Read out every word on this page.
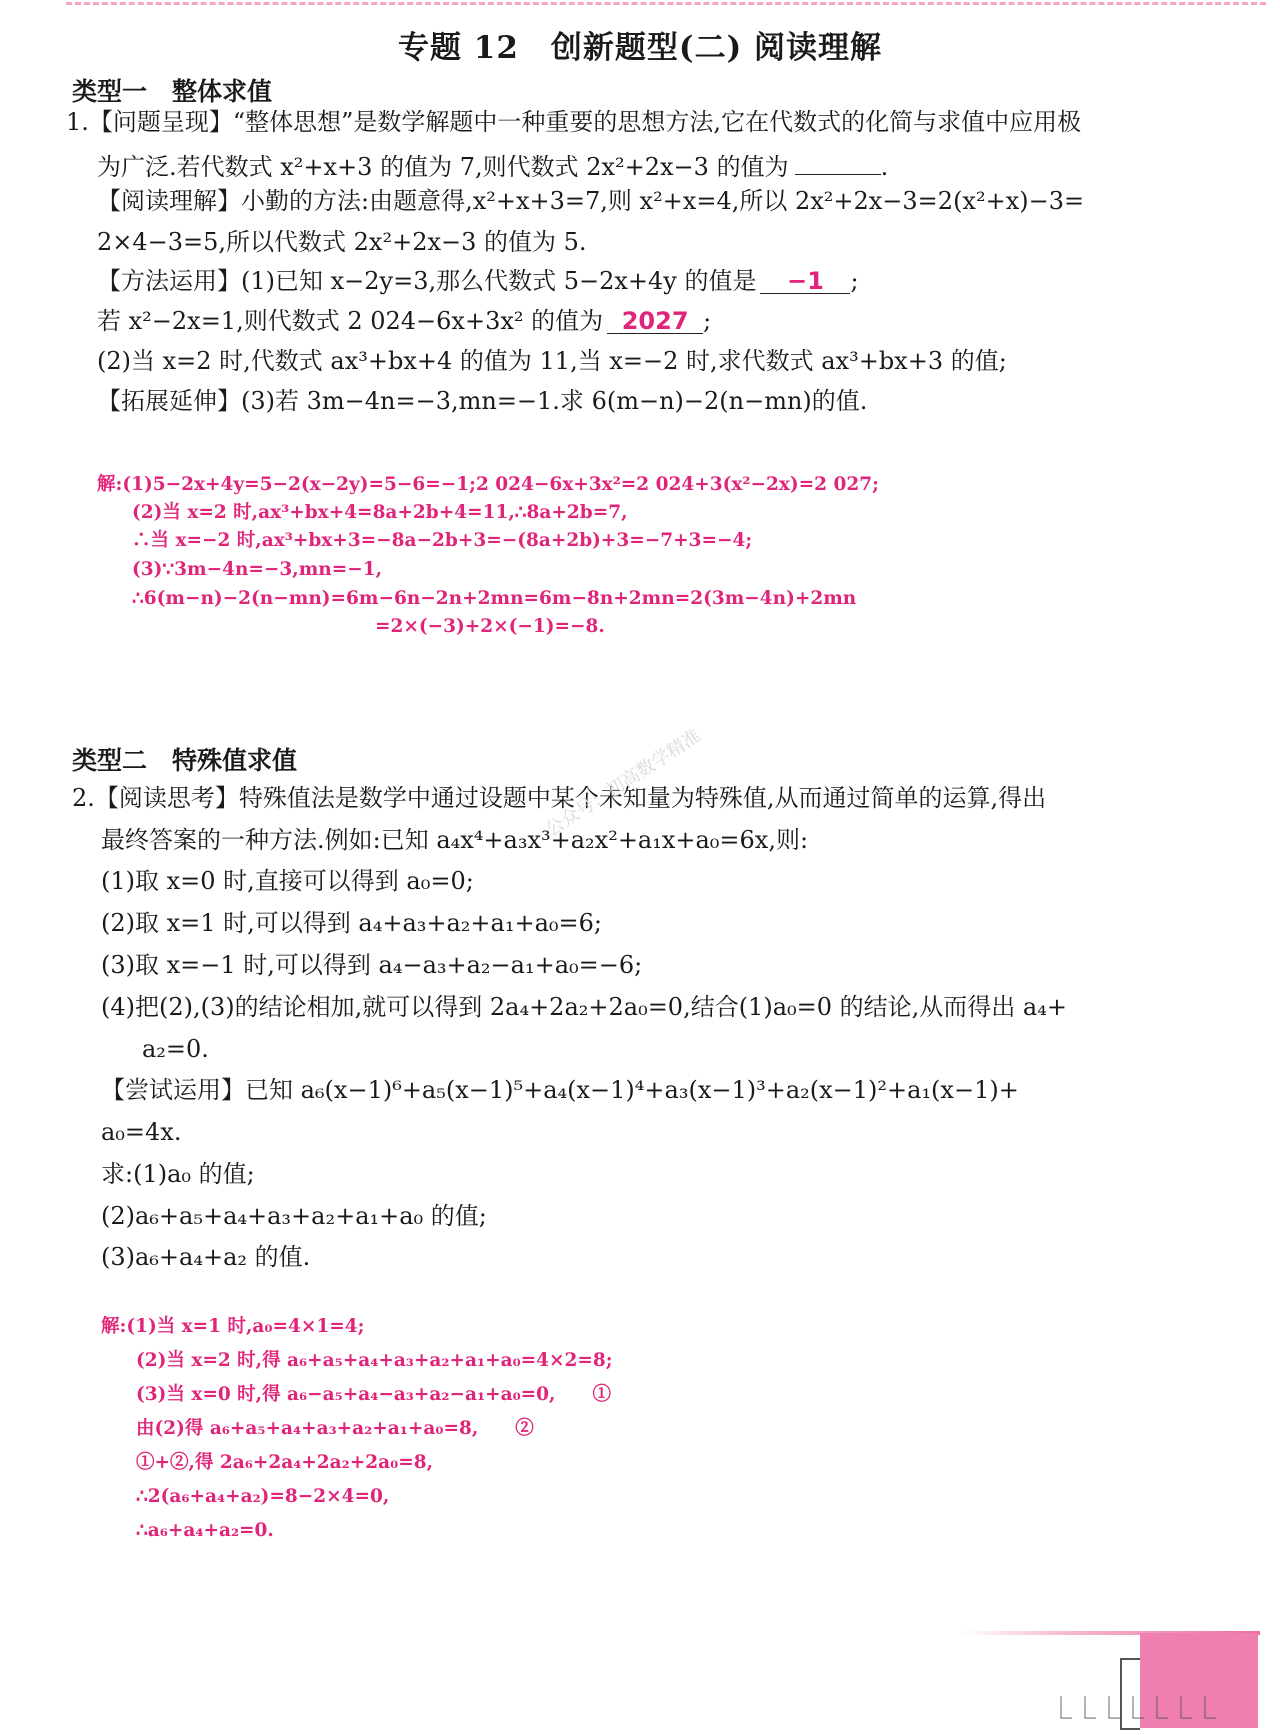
专题 12　创新题型(二) 阅读理解
类型一　整体求值
1.【问题呈现】“整体思想”是数学解题中一种重要的思想方法,它在代数式的化简与求值中应用极
为广泛.若代数式 x²+x+3 的值为 7,则代数式 2x²+2x−3 的值为	.
【阅读理解】小勤的方法:由题意得,x²+x+3=7,则 x²+x=4,所以 2x²+2x−3=2(x²+x)−3=
2×4−3=5,所以代数式 2x²+2x−3 的值为 5.
【方法运用】(1)已知 x−2y=3,那么代数式 5−2x+4y 的值是 −1 ;
若 x²−2x=1,则代数式 2 024−6x+3x² 的值为 2027 ;
(2)当 x=2 时,代数式 ax³+bx+4 的值为 11,当 x=−2 时,求代数式 ax³+bx+3 的值;
【拓展延伸】(3)若 3m−4n=−3,mn=−1.求 6(m−n)−2(n−mn)的值.
解:(1)5−2x+4y=5−2(x−2y)=5−6=−1;2 024−6x+3x²=2 024+3(x²−2x)=2 027;
(2)当 x=2 时,ax³+bx+4=8a+2b+4=11,∴8a+2b=7,
∴当 x=−2 时,ax³+bx+3=−8a−2b+3=−(8a+2b)+3=−7+3=−4;
(3)∵3m−4n=−3,mn=−1,
∴6(m−n)−2(n−mn)=6m−6n−2n+2mn=6m−8n+2mn=2(3m−4n)+2mn
=2×(−3)+2×(−1)=−8.
类型二　特殊值求值
2.【阅读思考】特殊值法是数学中通过设题中某个未知量为特殊值,从而通过简单的运算,得出
最终答案的一种方法.例如:已知 a₄x⁴+a₃x³+a₂x²+a₁x+a₀=6x,则:
(1)取 x=0 时,直接可以得到 a₀=0;
(2)取 x=1 时,可以得到 a₄+a₃+a₂+a₁+a₀=6;
(3)取 x=−1 时,可以得到 a₄−a₃+a₂−a₁+a₀=−6;
(4)把(2),(3)的结论相加,就可以得到 2a₄+2a₂+2a₀=0,结合(1)a₀=0 的结论,从而得出 a₄+
a₂=0.
【尝试运用】已知 a₆(x−1)⁶+a₅(x−1)⁵+a₄(x−1)⁴+a₃(x−1)³+a₂(x−1)²+a₁(x−1)+
a₀=4x.
求:(1)a₀ 的值;
(2)a₆+a₅+a₄+a₃+a₂+a₁+a₀ 的值;
(3)a₆+a₄+a₂ 的值.
解:(1)当 x=1 时,a₀=4×1=4;
(2)当 x=2 时,得 a₆+a₅+a₄+a₃+a₂+a₁+a₀=4×2=8;
(3)当 x=0 时,得 a₆−a₅+a₄−a₃+a₂−a₁+a₀=0,　　①
由(2)得 a₆+a₅+a₄+a₃+a₂+a₁+a₀=8,　　②
①+②,得 2a₆+2a₄+2a₂+2a₀=8,
∴2(a₆+a₄+a₂)=8−2×4=0,
∴a₆+a₄+a₂=0.
公众号：初高数学精准
⎿⎿⎿⎿⎿⎿⎿
